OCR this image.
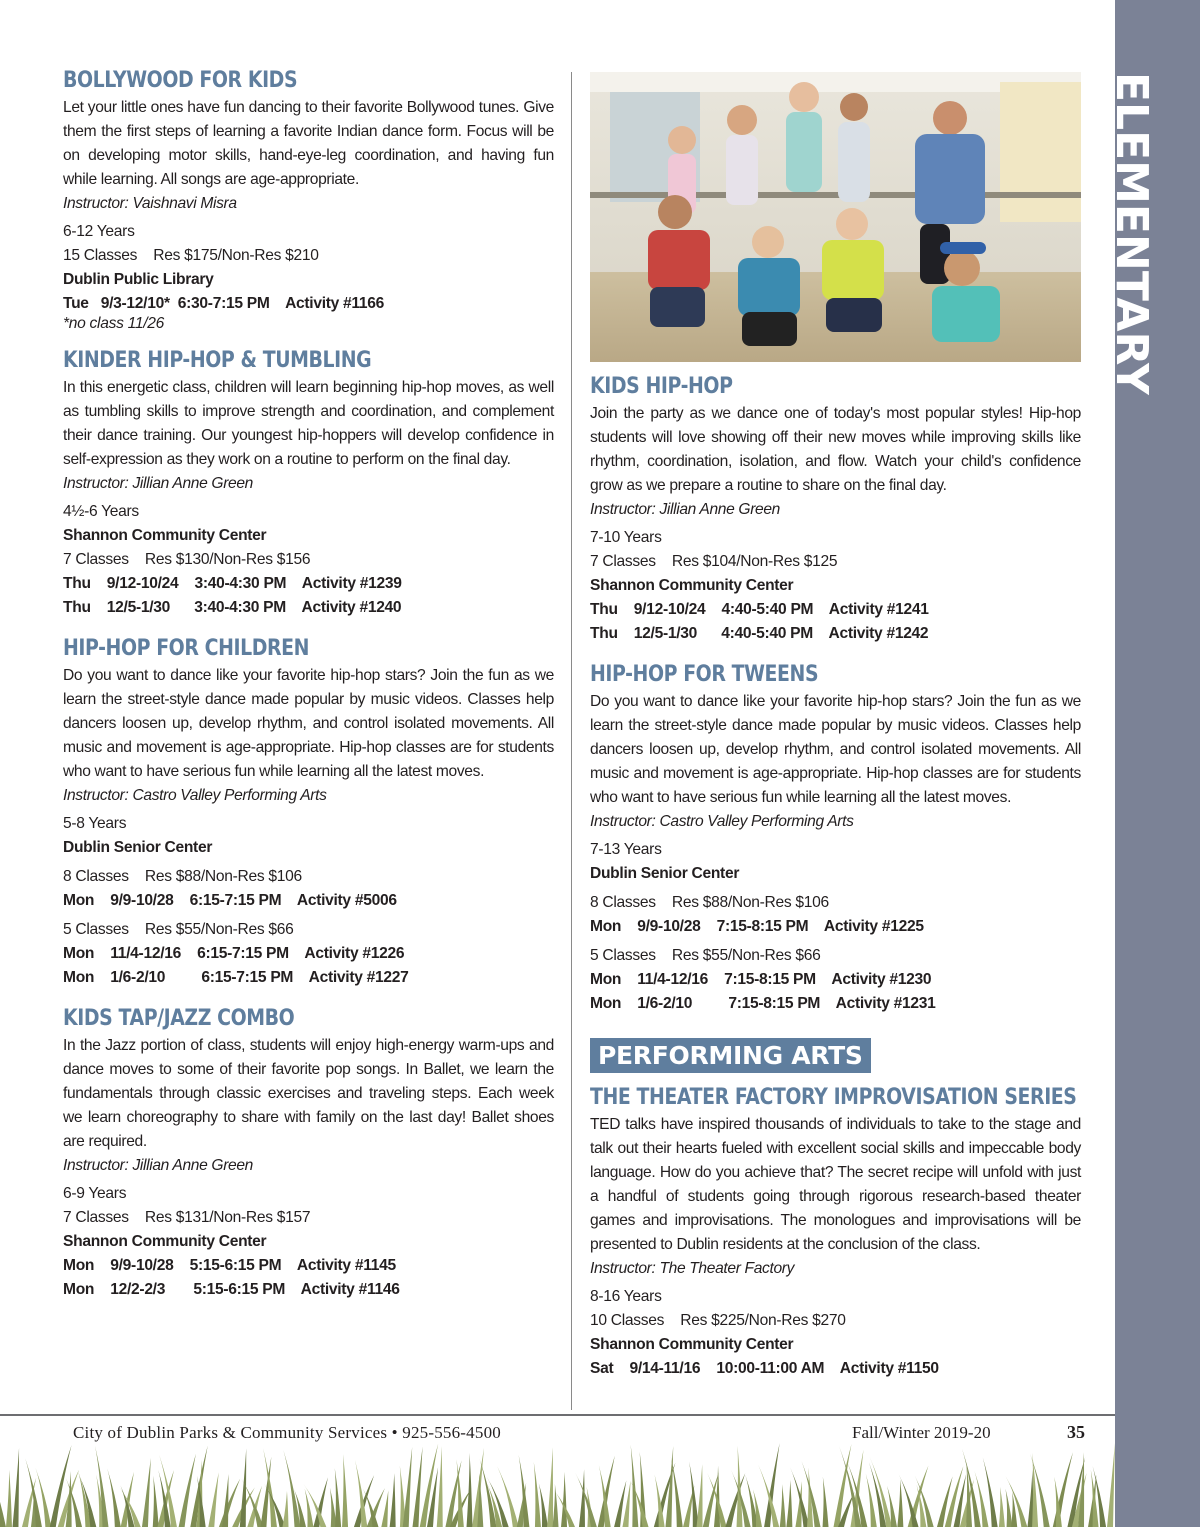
ELEMENTARY
BOLLYWOOD FOR KIDS

Let your little ones have fun dancing to their favorite Bollywood tunes. Give them the first steps of learning a favorite Indian dance form. Focus will be on developing motor skills, hand-eye-leg coordination, and having fun while learning. All songs are age-appropriate.

Instructor: Vaishnavi Misra

6-12 Years

15 Classes    Res $175/Non-Res $210

Dublin Public Library

Tue   9/3-12/10*  6:30-7:15 PM    Activity #1166

*no class 11/26

KINDER HIP-HOP & TUMBLING

In this energetic class, children will learn beginning hip-hop moves, as well as tumbling skills to improve strength and coordination, and complement their dance training. Our youngest hip-hoppers will develop confidence in self-expression as they work on a routine to perform on the final day.

Instructor: Jillian Anne Green

4½-6 Years

Shannon Community Center

7 Classes    Res $130/Non-Res $156

Thu    9/12-10/24    3:40-4:30 PM    Activity #1239

Thu    12/5-1/30      3:40-4:30 PM    Activity #1240

HIP-HOP FOR CHILDREN

Do you want to dance like your favorite hip-hop stars? Join the fun as we learn the street-style dance made popular by music videos. Classes help dancers loosen up, develop rhythm, and control isolated movements. All music and movement is age-appropriate. Hip-hop classes are for students who want to have serious fun while learning all the latest moves.

Instructor: Castro Valley Performing Arts

5-8 Years

Dublin Senior Center

8 Classes    Res $88/Non-Res $106

Mon    9/9-10/28    6:15-7:15 PM    Activity #5006

5 Classes    Res $55/Non-Res $66

Mon    11/4-12/16    6:15-7:15 PM    Activity #1226

Mon    1/6-2/10         6:15-7:15 PM    Activity #1227

KIDS TAP/JAZZ COMBO

In the Jazz portion of class, students will enjoy high-energy warm-ups and dance moves to some of their favorite pop songs. In Ballet, we learn the fundamentals through classic exercises and traveling steps. Each week we learn choreography to share with family on the last day! Ballet shoes are required.

Instructor: Jillian Anne Green

6-9 Years

7 Classes    Res $131/Non-Res $157

Shannon Community Center

Mon    9/9-10/28    5:15-6:15 PM    Activity #1145

Mon    12/2-2/3       5:15-6:15 PM    Activity #1146

KIDS HIP-HOP

Join the party as we dance one of today's most popular styles! Hip-hop students will love showing off their new moves while improving skills like rhythm, coordination, isolation, and flow. Watch your child's confidence grow as we prepare a routine to share on the final day.

Instructor: Jillian Anne Green

7-10 Years

7 Classes    Res $104/Non-Res $125

Shannon Community Center

Thu    9/12-10/24    4:40-5:40 PM    Activity #1241

Thu    12/5-1/30      4:40-5:40 PM    Activity #1242

HIP-HOP FOR TWEENS

Do you want to dance like your favorite hip-hop stars? Join the fun as we learn the street-style dance made popular by music videos. Classes help dancers loosen up, develop rhythm, and control isolated movements. All music and movement is age-appropriate. Hip-hop classes are for students who want to have serious fun while learning all the latest moves.

Instructor: Castro Valley Performing Arts

7-13 Years

Dublin Senior Center

8 Classes    Res $88/Non-Res $106

Mon    9/9-10/28    7:15-8:15 PM    Activity #1225

5 Classes    Res $55/Non-Res $66

Mon    11/4-12/16    7:15-8:15 PM    Activity #1230

Mon    1/6-2/10         7:15-8:15 PM    Activity #1231

PERFORMING ARTS
THE THEATER FACTORY IMPROVISATION SERIES

TED talks have inspired thousands of individuals to take to the stage and talk out their hearts fueled with excellent social skills and impeccable body language. How do you achieve that? The secret recipe will unfold with just a handful of students going through rigorous research-based theater games and improvisations. The monologues and improvisations will be presented to Dublin residents at the conclusion of the class.

Instructor: The Theater Factory

8-16 Years

10 Classes    Res $225/Non-Res $270

Shannon Community Center

Sat    9/14-11/16    10:00-11:00 AM    Activity #1150

City of Dublin Parks & Community Services • 925-556-4500	Fall/Winter 2019-20	35
